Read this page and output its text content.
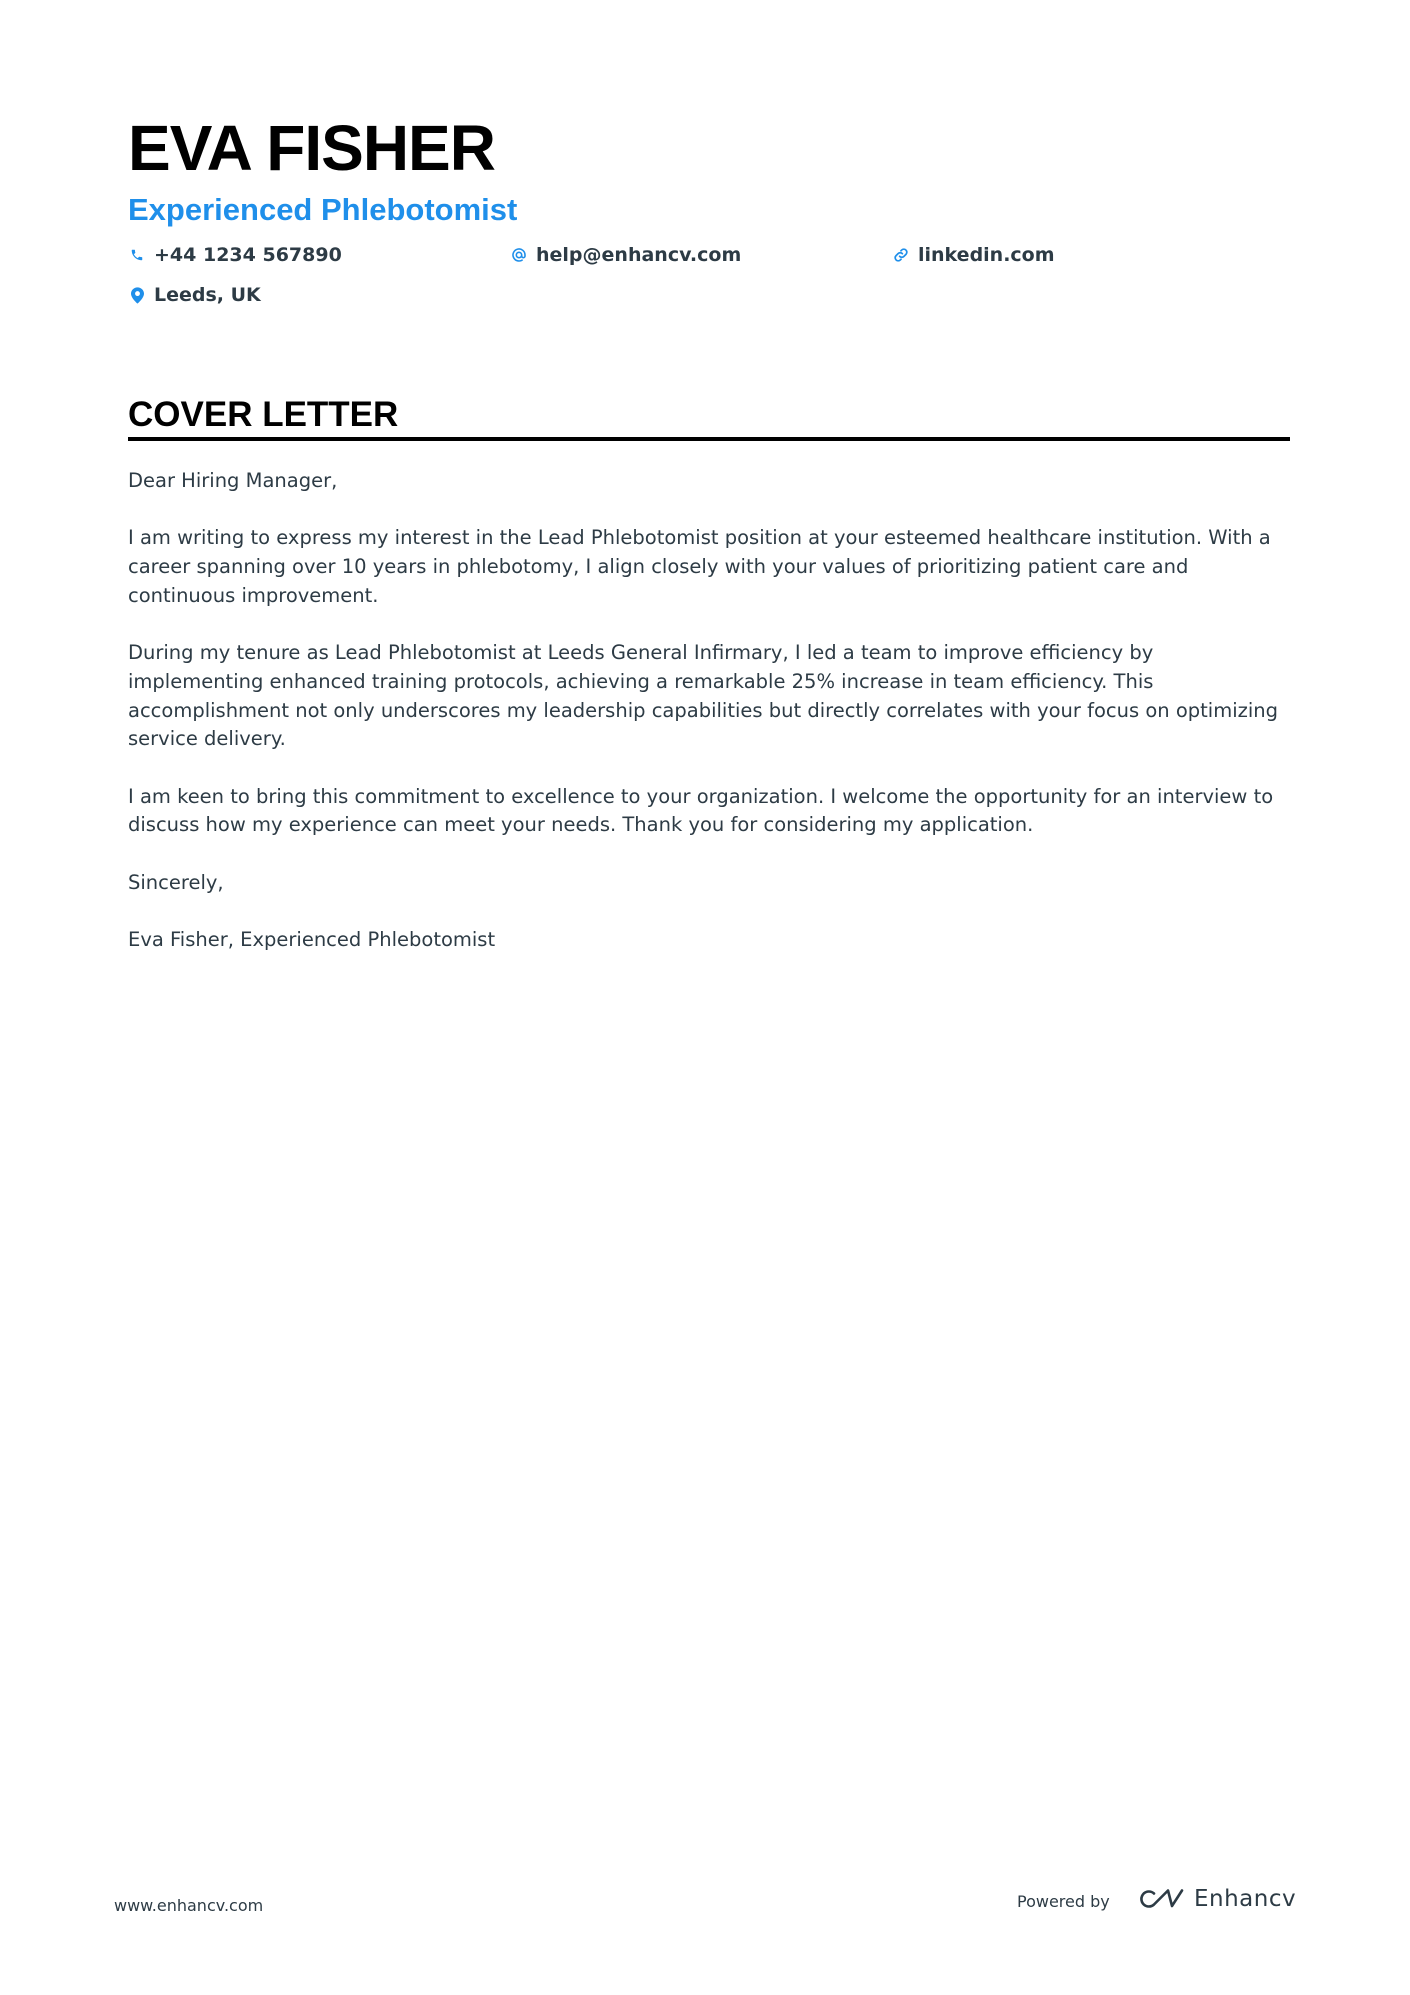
EVA FISHER
Experienced Phlebotomist
+44 1234 567890	help@enhancv.com	linkedin.com
Leeds, UK
COVER LETTER

Dear Hiring Manager,

I am writing to express my interest in the Lead Phlebotomist position at your esteemed healthcare institution. With a career spanning over 10 years in phlebotomy, I align closely with your values of prioritizing patient care and continuous improvement.

During my tenure as Lead Phlebotomist at Leeds General Infirmary, I led a team to improve efficiency by implementing enhanced training protocols, achieving a remarkable 25% increase in team efficiency. This accomplishment not only underscores my leadership capabilities but directly correlates with your focus on optimizing service delivery.

I am keen to bring this commitment to excellence to your organization. I welcome the opportunity for an interview to discuss how my experience can meet your needs. Thank you for considering my application.

Sincerely,

Eva Fisher, Experienced Phlebotomist

www.enhancv.com	Powered by	Enhancv
